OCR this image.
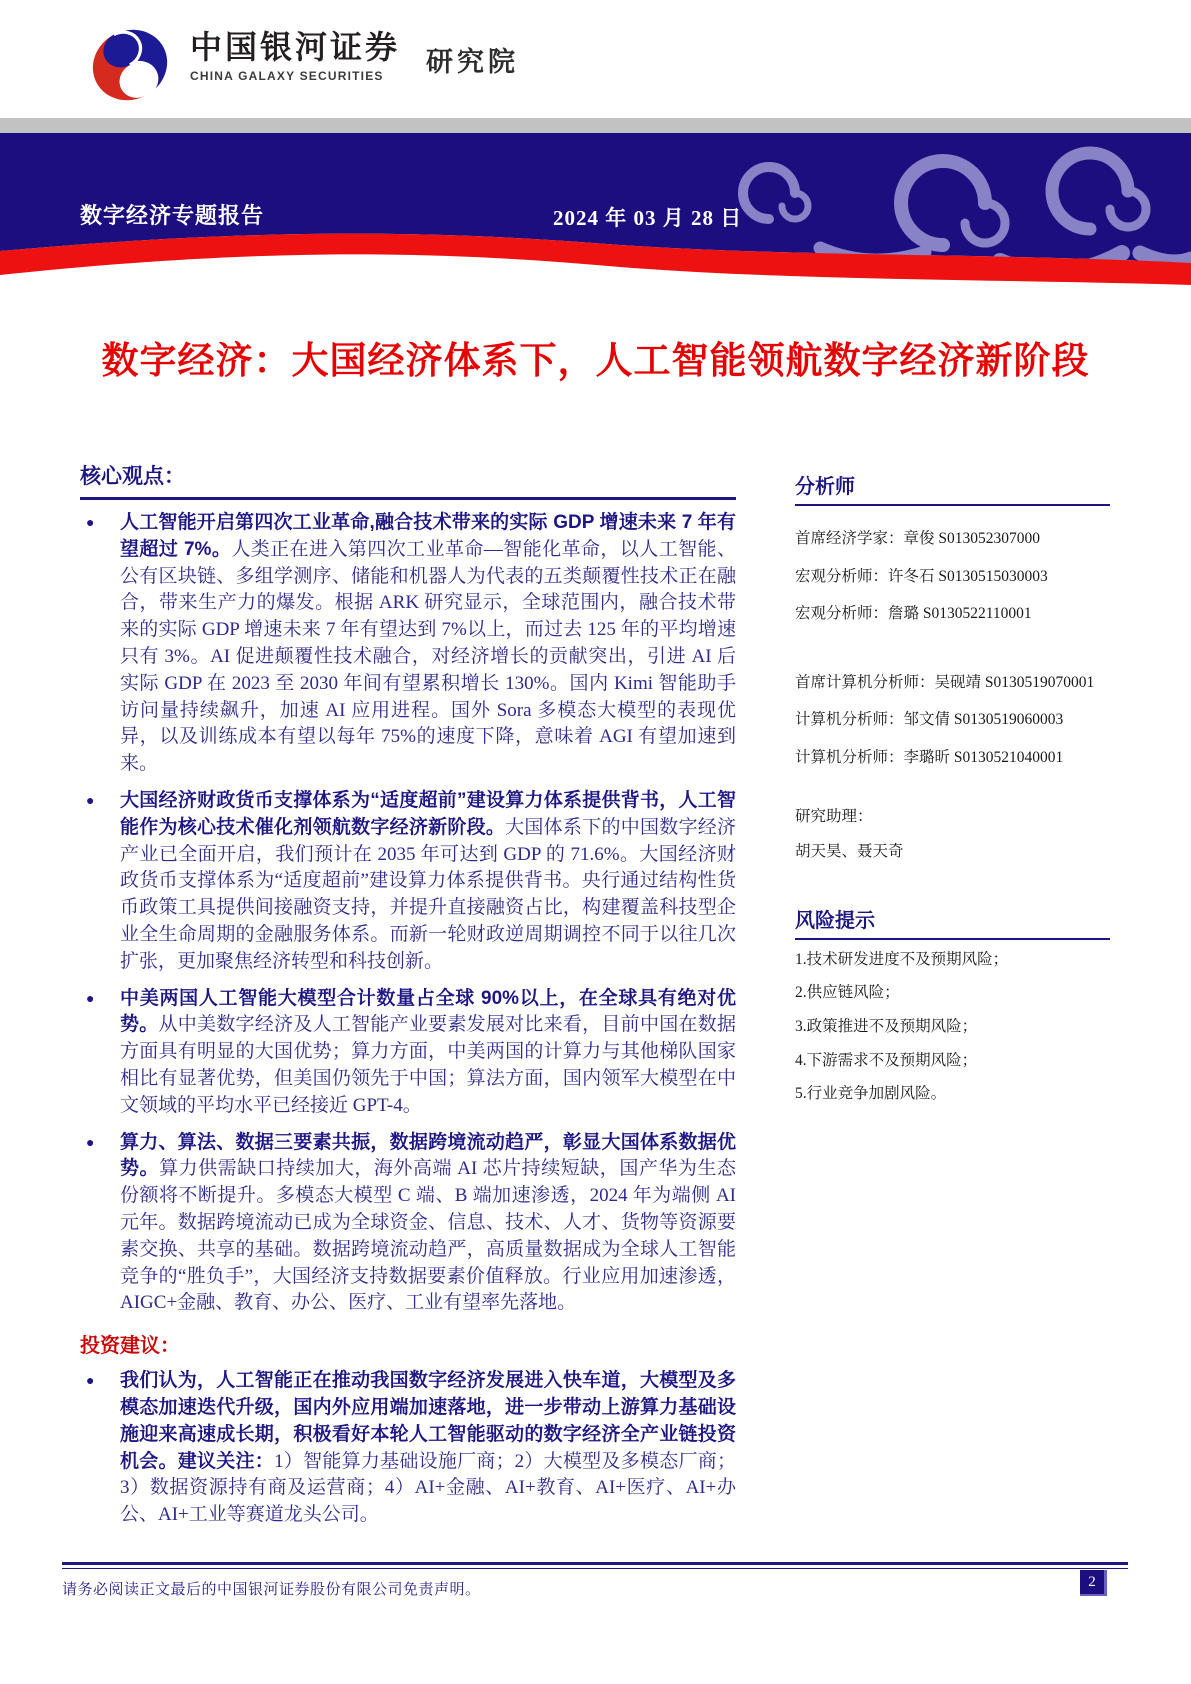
中国银河证券
CHINA GALAXY SECURITIES	研究院
数字经济专题报告	2024 年 03 月 28 日
数字经济：大国经济体系下，人工智能领航数字经济新阶段
核心观点：
● 人工智能开启第四次工业革命,融合技术带来的实际 GDP 增速未来 7 年有望超过 7%。人类正在进入第四次工业革命—智能化革命，以人工智能、公有区块链、多组学测序、储能和机器人为代表的五类颠覆性技术正在融合，带来生产力的爆发。根据 ARK 研究显示，全球范围内，融合技术带来的实际 GDP 增速未来 7 年有望达到 7%以上，而过去 125 年的平均增速只有 3%。AI 促进颠覆性技术融合，对经济增长的贡献突出，引进 AI 后实际 GDP 在 2023 至 2030 年间有望累积增长 130%。国内 Kimi 智能助手访问量持续飙升，加速 AI 应用进程。国外 Sora 多模态大模型的表现优异，以及训练成本有望以每年 75%的速度下降，意味着 AGI 有望加速到来。
● 大国经济财政货币支撑体系为“适度超前”建设算力体系提供背书，人工智能作为核心技术催化剂领航数字经济新阶段。大国体系下的中国数字经济产业已全面开启，我们预计在 2035 年可达到 GDP 的 71.6%。大国经济财政货币支撑体系为“适度超前”建设算力体系提供背书。央行通过结构性货币政策工具提供间接融资支持，并提升直接融资占比，构建覆盖科技型企业全生命周期的金融服务体系。而新一轮财政逆周期调控不同于以往几次扩张，更加聚焦经济转型和科技创新。
● 中美两国人工智能大模型合计数量占全球 90%以上，在全球具有绝对优势。从中美数字经济及人工智能产业要素发展对比来看，目前中国在数据方面具有明显的大国优势；算力方面，中美两国的计算力与其他梯队国家相比有显著优势，但美国仍领先于中国；算法方面，国内领军大模型在中文领域的平均水平已经接近 GPT-4。
● 算力、算法、数据三要素共振，数据跨境流动趋严，彰显大国体系数据优势。算力供需缺口持续加大，海外高端 AI 芯片持续短缺，国产华为生态份额将不断提升。多模态大模型 C 端、B 端加速渗透，2024 年为端侧 AI 元年。数据跨境流动已成为全球资金、信息、技术、人才、货物等资源要素交换、共享的基础。数据跨境流动趋严，高质量数据成为全球人工智能竞争的“胜负手”，大国经济支持数据要素价值释放。行业应用加速渗透，AIGC+金融、教育、办公、医疗、工业有望率先落地。
投资建议：
● 我们认为，人工智能正在推动我国数字经济发展进入快车道，大模型及多模态加速迭代升级，国内外应用端加速落地，进一步带动上游算力基础设施迎来高速成长期，积极看好本轮人工智能驱动的数字经济全产业链投资机会。建议关注：1）智能算力基础设施厂商；2）大模型及多模态厂商；3）数据资源持有商及运营商；4）AI+金融、AI+教育、AI+医疗、AI+办公、AI+工业等赛道龙头公司。
分析师
首席经济学家：章俊 S013052307000
宏观分析师：许冬石 S0130515030003
宏观分析师：詹璐 S0130522110001
首席计算机分析师：吴砚靖 S0130519070001
计算机分析师：邹文倩 S0130519060003
计算机分析师：李璐昕 S0130521040001
研究助理：
胡天昊、聂天奇
风险提示
1.技术研发进度不及预期风险；
2.供应链风险；
3.政策推进不及预期风险；
4.下游需求不及预期风险；
5.行业竞争加剧风险。
请务必阅读正文最后的中国银河证券股份有限公司免责声明。	2
